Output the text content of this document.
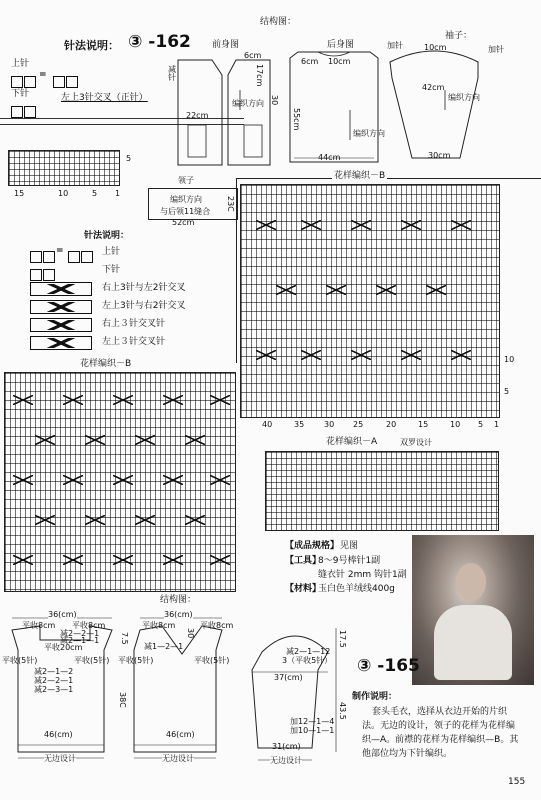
针法说明： ③ -162
上针
=
下针	左上3针交叉（正针）
结构图：
前身图	后身图
袖子：
6cm
17cm
30
22cm
减针
编织方向
6cm 10cm
55cm
44cm
编织方向
加针	加针
10cm
42cm
编织方向
30cm
5
15	10	5 1
领子
编织方向
与后领11缝合
52cm
23C
针法说明：
=	上针
下针
右上3针与左2针交叉
左上3针与右2针交叉
右上３针交叉针
左上３针交叉针
花样编织－B
10
5
40	35 30 25	20	15	10 5 1
花样编织－B
花样编织－A	双罗设计
【成品规格】 见图
【工具】
8～9号棒针1副
缝衣针 2mm 钩针1副
【材料】
玉白色羊绒线400g
③ -165
制作说明：
套头毛衣，选择从衣边开始的片织
法。无边的设计，领子的花样为花样编
织—A。前襟的花样为花样编织—B。其
他部位均为下针编织。
结构图：
36(cm)
平收8cm 平收8cm
减2—2—1
减2—1—1
平收20cm
平收(5针)	平收(5针)
减2—1—2
减2—2—1
减2—3—1
46(cm)
无边设计
36(cm)
平收8cm	平收8cm
减1—2—1
30
7.5
平收(5针)	平收(5针)
38C
46(cm)
无边设计
17.5
减2—1—12
3（平收5针）
37(cm)
加12—1—4
加10—1—1
43.5
31(cm)
无边设计
155
